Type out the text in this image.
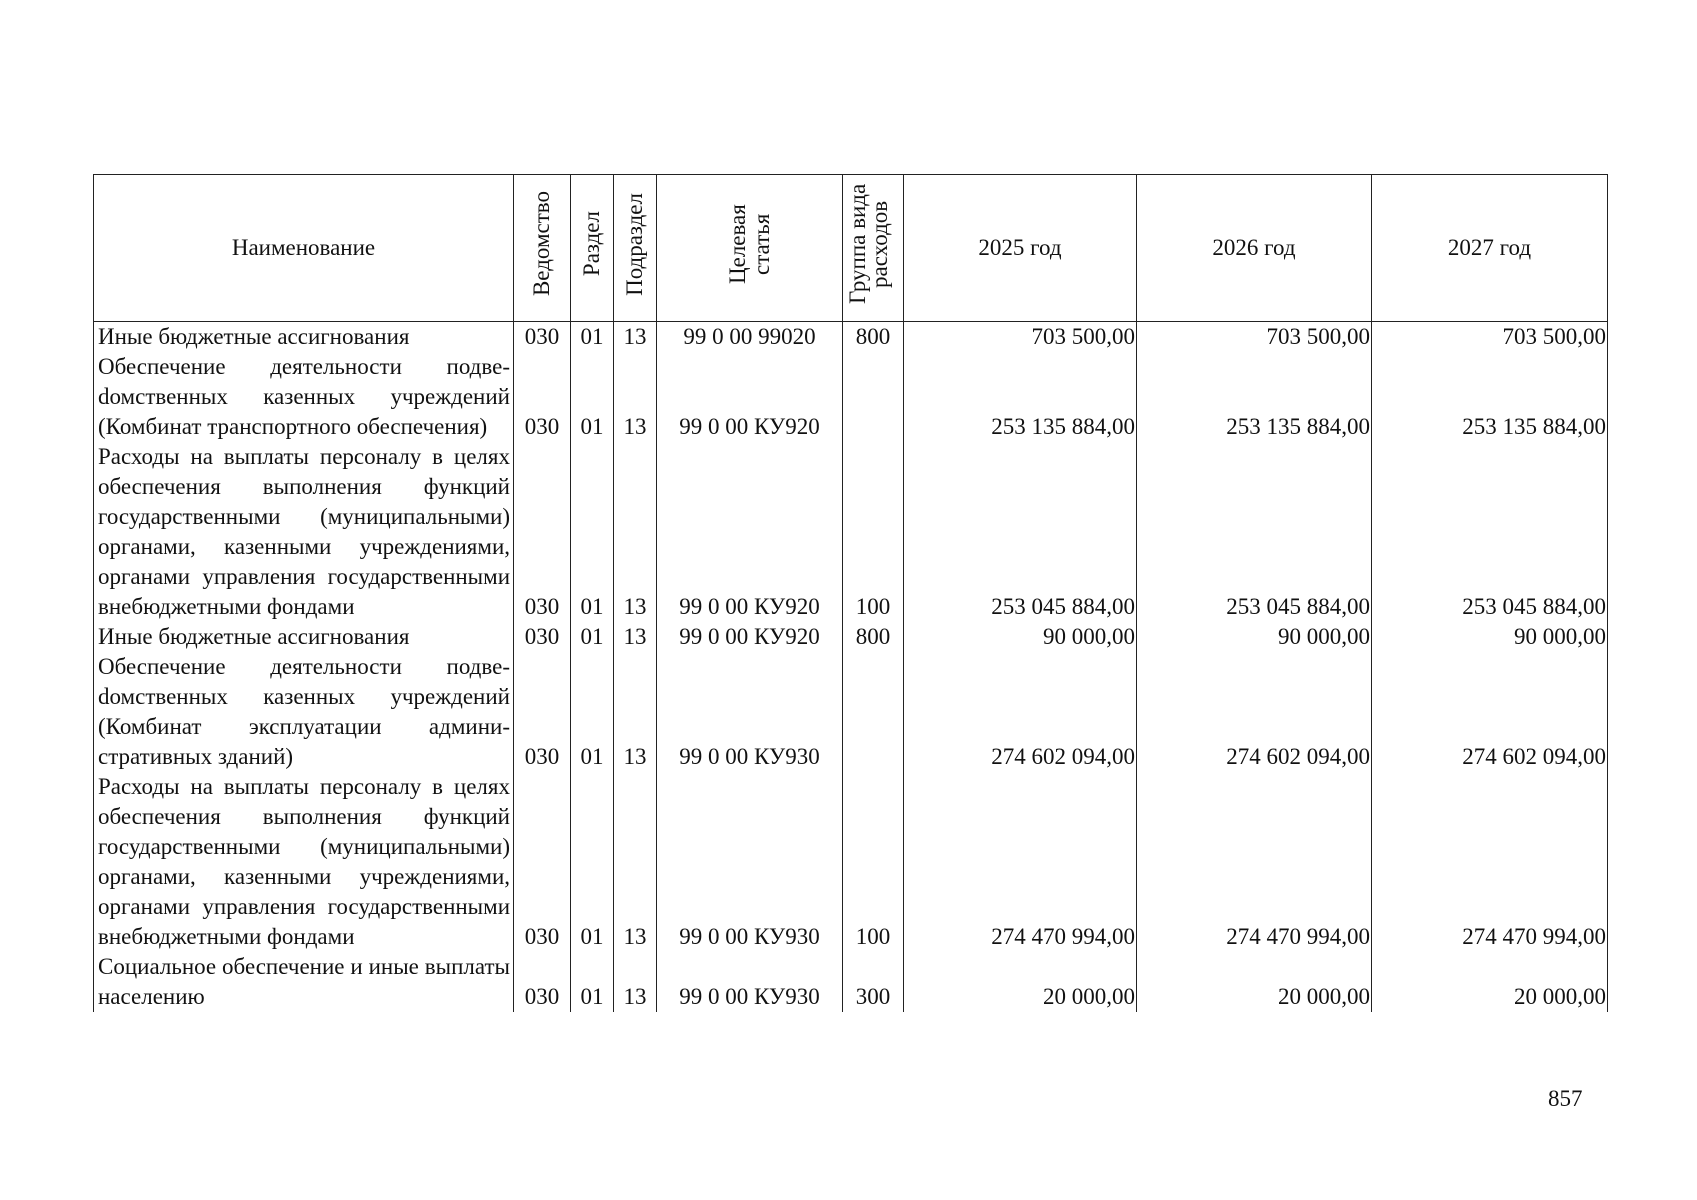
Наименование	Ведомство	Раздел	Подраздел	Целевая статья	Группа вида расходов	2025 год	2026 год	2027 год
Иные бюджетные ассигнования	030	01	13	99 0 00 99020	800	703 500,00	703 500,00	703 500,00
Обеспечение деятельности подвеdомственных казенных учреждений (Комбинат транспортного обеспечения)	030	01	13	99 0 00 КУ920		253 135 884,00	253 135 884,00	253 135 884,00
Расходы на выплаты персоналу в целях обеспечения выполнения функций государственными (муниципальными) органами, казенными учреждениями, органами управления государственными внебюджетными фондами	030	01	13	99 0 00 КУ920	100	253 045 884,00	253 045 884,00	253 045 884,00
Иные бюджетные ассигнования	030	01	13	99 0 00 КУ920	800	90 000,00	90 000,00	90 000,00
Обеспечение деятельности подвеdомственных казенных учреждений (Комбинат эксплуатации административных зданий)	030	01	13	99 0 00 КУ930		274 602 094,00	274 602 094,00	274 602 094,00
Расходы на выплаты персоналу в целях обеспечения выполнения функций государственными (муниципальными) органами, казенными учреждениями, органами управления государственными внебюджетными фондами	030	01	13	99 0 00 КУ930	100	274 470 994,00	274 470 994,00	274 470 994,00
Социальное обеспечение и иные выплаты населению	030	01	13	99 0 00 КУ930	300	20 000,00	20 000,00	20 000,00
857
